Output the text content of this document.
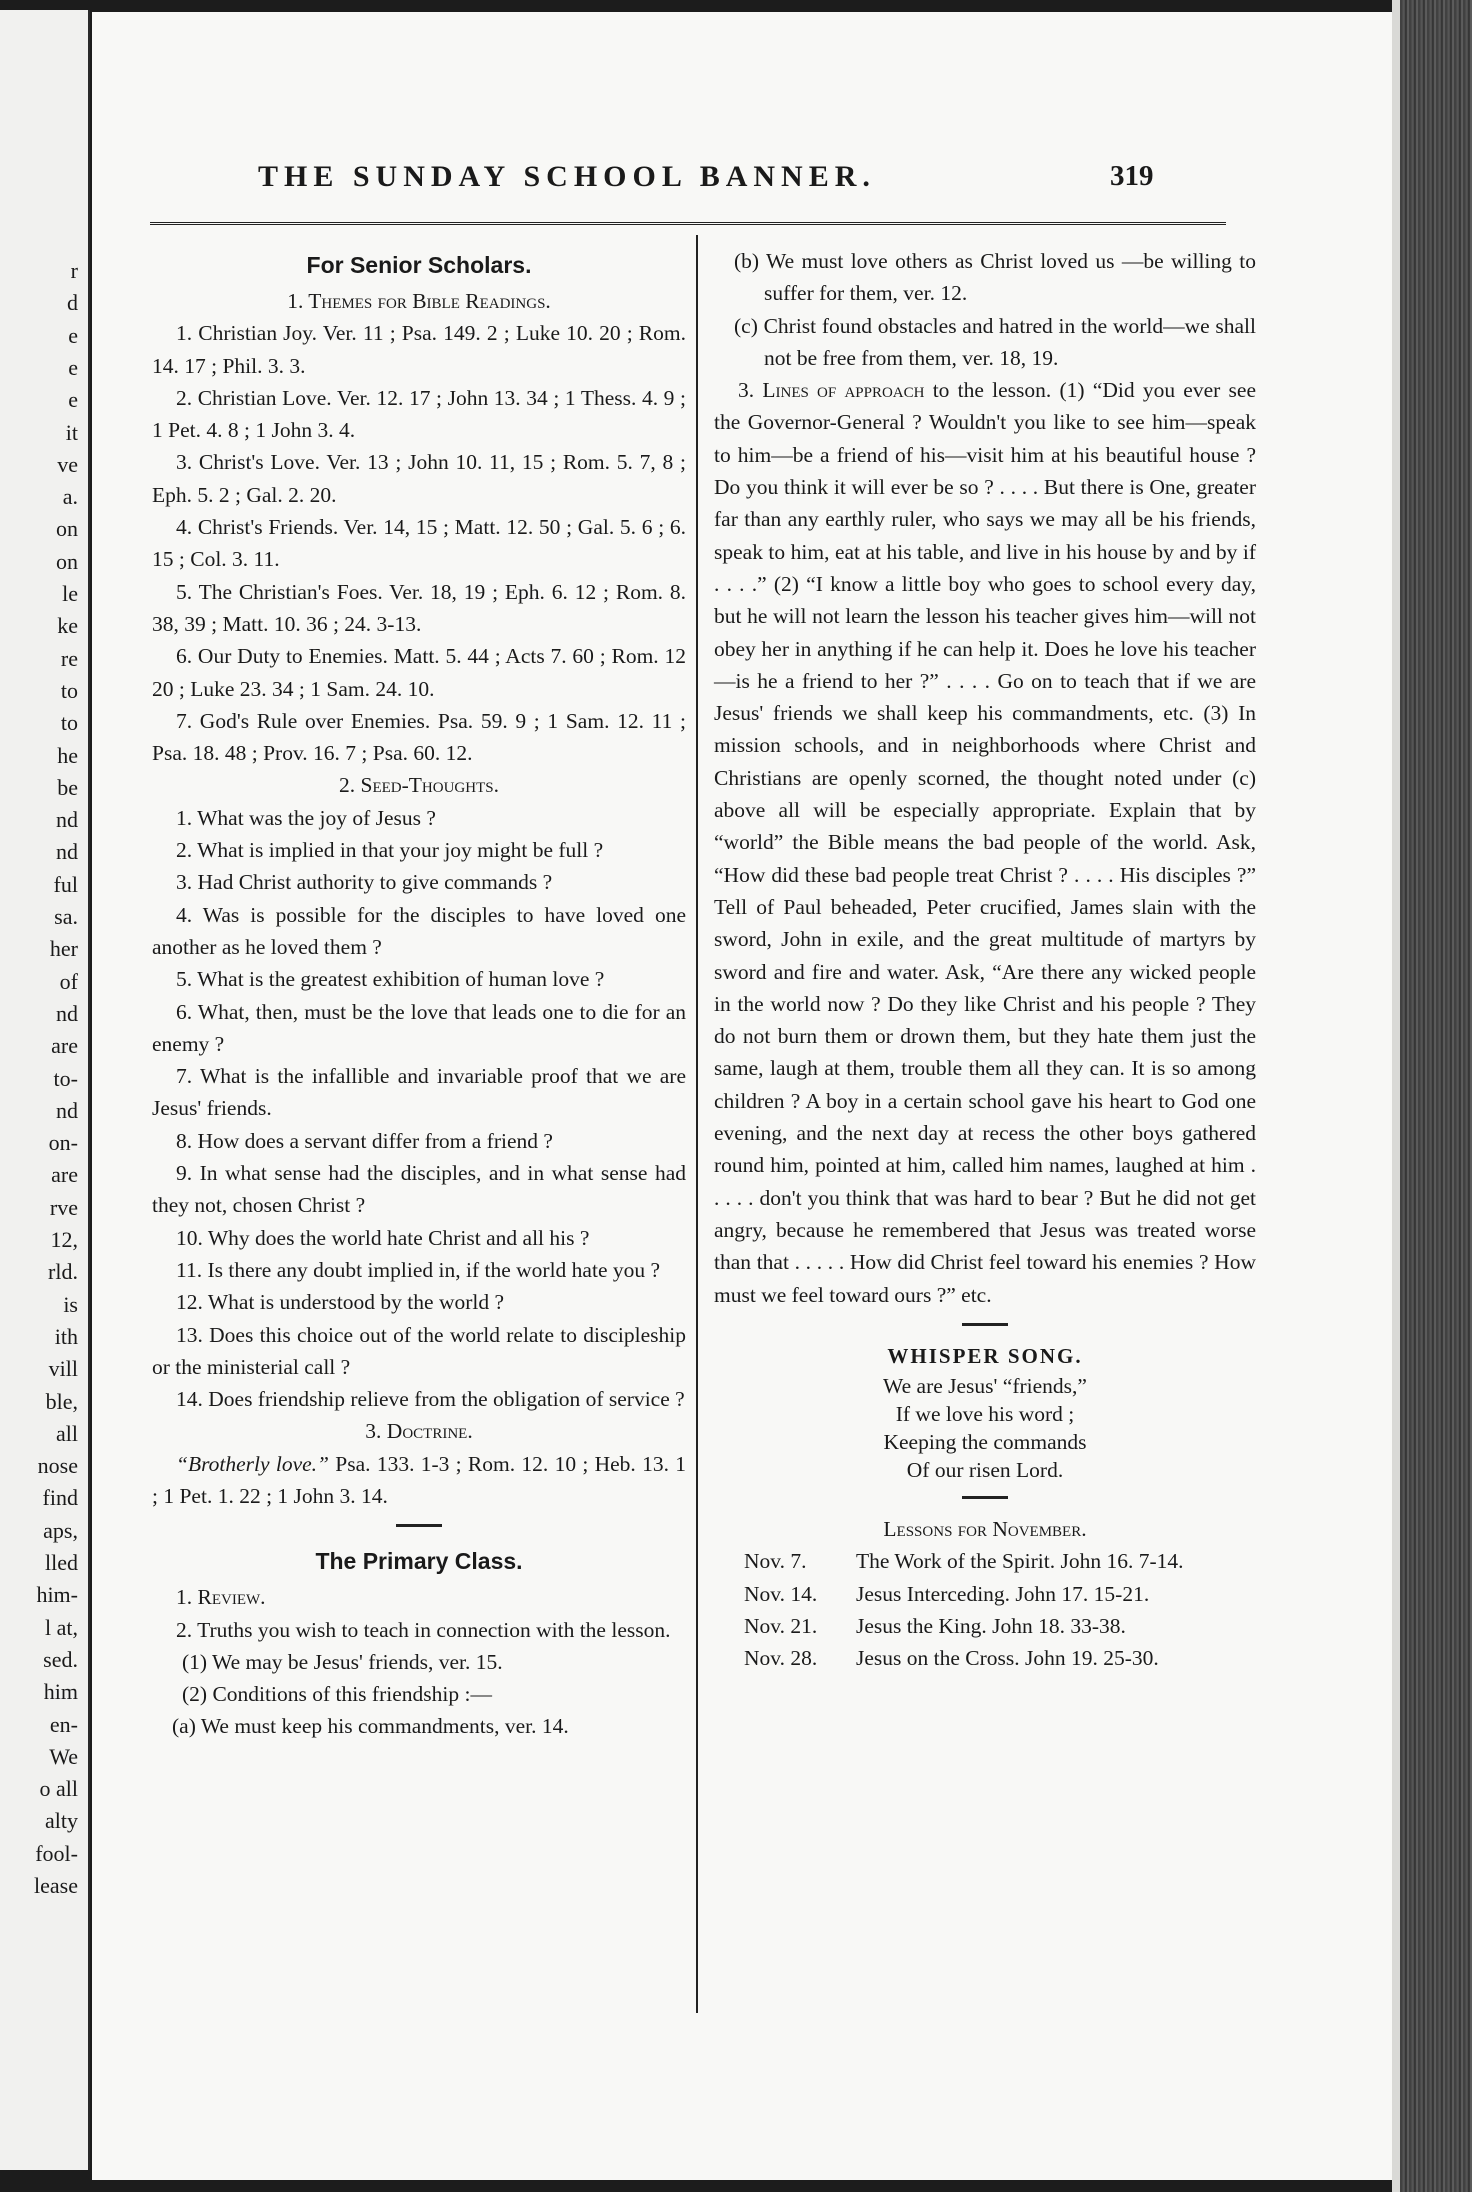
r
d
e
e
e
it
ve
a.
on
on
le
ke
re
to
to
he
be
nd
nd
ful
sa.
her
of
nd
are
to-
nd
on-
are
rve
12,
rld.
is
ith
vill
ble,
all
nose
find
aps,
lled
him-
l at,
sed.
him
en-
We
o all
alty
fool-
lease
THE SUNDAY SCHOOL BANNER.	319
For Senior Scholars.

1. Themes for Bible Readings.

1. Christian Joy. Ver. 11 ; Psa. 149. 2 ; Luke 10. 20 ; Rom. 14. 17 ; Phil. 3. 3.

2. Christian Love. Ver. 12. 17 ; John 13. 34 ; 1 Thess. 4. 9 ; 1 Pet. 4. 8 ; 1 John 3. 4.

3. Christ's Love. Ver. 13 ; John 10. 11, 15 ; Rom. 5. 7, 8 ; Eph. 5. 2 ; Gal. 2. 20.

4. Christ's Friends. Ver. 14, 15 ; Matt. 12. 50 ; Gal. 5. 6 ; 6. 15 ; Col. 3. 11.

5. The Christian's Foes. Ver. 18, 19 ; Eph. 6. 12 ; Rom. 8. 38, 39 ; Matt. 10. 36 ; 24. 3-13.

6. Our Duty to Enemies. Matt. 5. 44 ; Acts 7. 60 ; Rom. 12 20 ; Luke 23. 34 ; 1 Sam. 24. 10.

7. God's Rule over Enemies. Psa. 59. 9 ; 1 Sam. 12. 11 ; Psa. 18. 48 ; Prov. 16. 7 ; Psa. 60. 12.

2. Seed-Thoughts.

1. What was the joy of Jesus ?

2. What is implied in that your joy might be full ?

3. Had Christ authority to give commands ?

4. Was is possible for the disciples to have loved one another as he loved them ?

5. What is the greatest exhibition of human love ?

6. What, then, must be the love that leads one to die for an enemy ?

7. What is the infallible and invariable proof that we are Jesus' friends.

8. How does a servant differ from a friend ?

9. In what sense had the disciples, and in what sense had they not, chosen Christ ?

10. Why does the world hate Christ and all his ?

11. Is there any doubt implied in, if the world hate you ?

12. What is understood by the world ?

13. Does this choice out of the world relate to discipleship or the ministerial call ?

14. Does friendship relieve from the obligation of service ?

3. Doctrine.

“Brotherly love.” Psa. 133. 1-3 ; Rom. 12. 10 ; Heb. 13. 1 ; 1 Pet. 1. 22 ; 1 John 3. 14.

The Primary Class.

1. Review.

2. Truths you wish to teach in connection with the lesson.

(1) We may be Jesus' friends, ver. 15.

(2) Conditions of this friendship :—

(a) We must keep his commandments, ver. 14.

(b) We must love others as Christ loved us —be willing to suffer for them, ver. 12.

(c) Christ found obstacles and hatred in the world—we shall not be free from them, ver. 18, 19.

3. Lines of approach to the lesson. (1) “Did you ever see the Governor-General ? Wouldn't you like to see him—speak to him—be a friend of his—visit him at his beautiful house ? Do you think it will ever be so ? . . . . But there is One, greater far than any earthly ruler, who says we may all be his friends, speak to him, eat at his table, and live in his house by and by if . . . .” (2) “I know a little boy who goes to school every day, but he will not learn the lesson his teacher gives him—will not obey her in anything if he can help it. Does he love his teacher—is he a friend to her ?” . . . . Go on to teach that if we are Jesus' friends we shall keep his commandments, etc. (3) In mission schools, and in neighborhoods where Christ and Christians are openly scorned, the thought noted under (c) above all will be especially appropriate. Explain that by “world” the Bible means the bad people of the world. Ask, “How did these bad people treat Christ ? . . . . His disciples ?” Tell of Paul beheaded, Peter crucified, James slain with the sword, John in exile, and the great multitude of martyrs by sword and fire and water. Ask, “Are there any wicked people in the world now ? Do they like Christ and his people ? They do not burn them or drown them, but they hate them just the same, laugh at them, trouble them all they can. It is so among children ? A boy in a certain school gave his heart to God one evening, and the next day at recess the other boys gathered round him, pointed at him, called him names, laughed at him . . . . . don't you think that was hard to bear ? But he did not get angry, because he remembered that Jesus was treated worse than that . . . . . How did Christ feel toward his enemies ? How must we feel toward ours ?” etc.

WHISPER SONG.

We are Jesus' “friends,”

If we love his word ;

Keeping the commands

Of our risen Lord.

Lessons for November.

Nov. 7.	The Work of the Spirit. John 16. 7-14.
Nov. 14.	Jesus Interceding. John 17. 15-21.
Nov. 21.	Jesus the King. John 18. 33-38.
Nov. 28.	Jesus on the Cross. John 19. 25-30.
